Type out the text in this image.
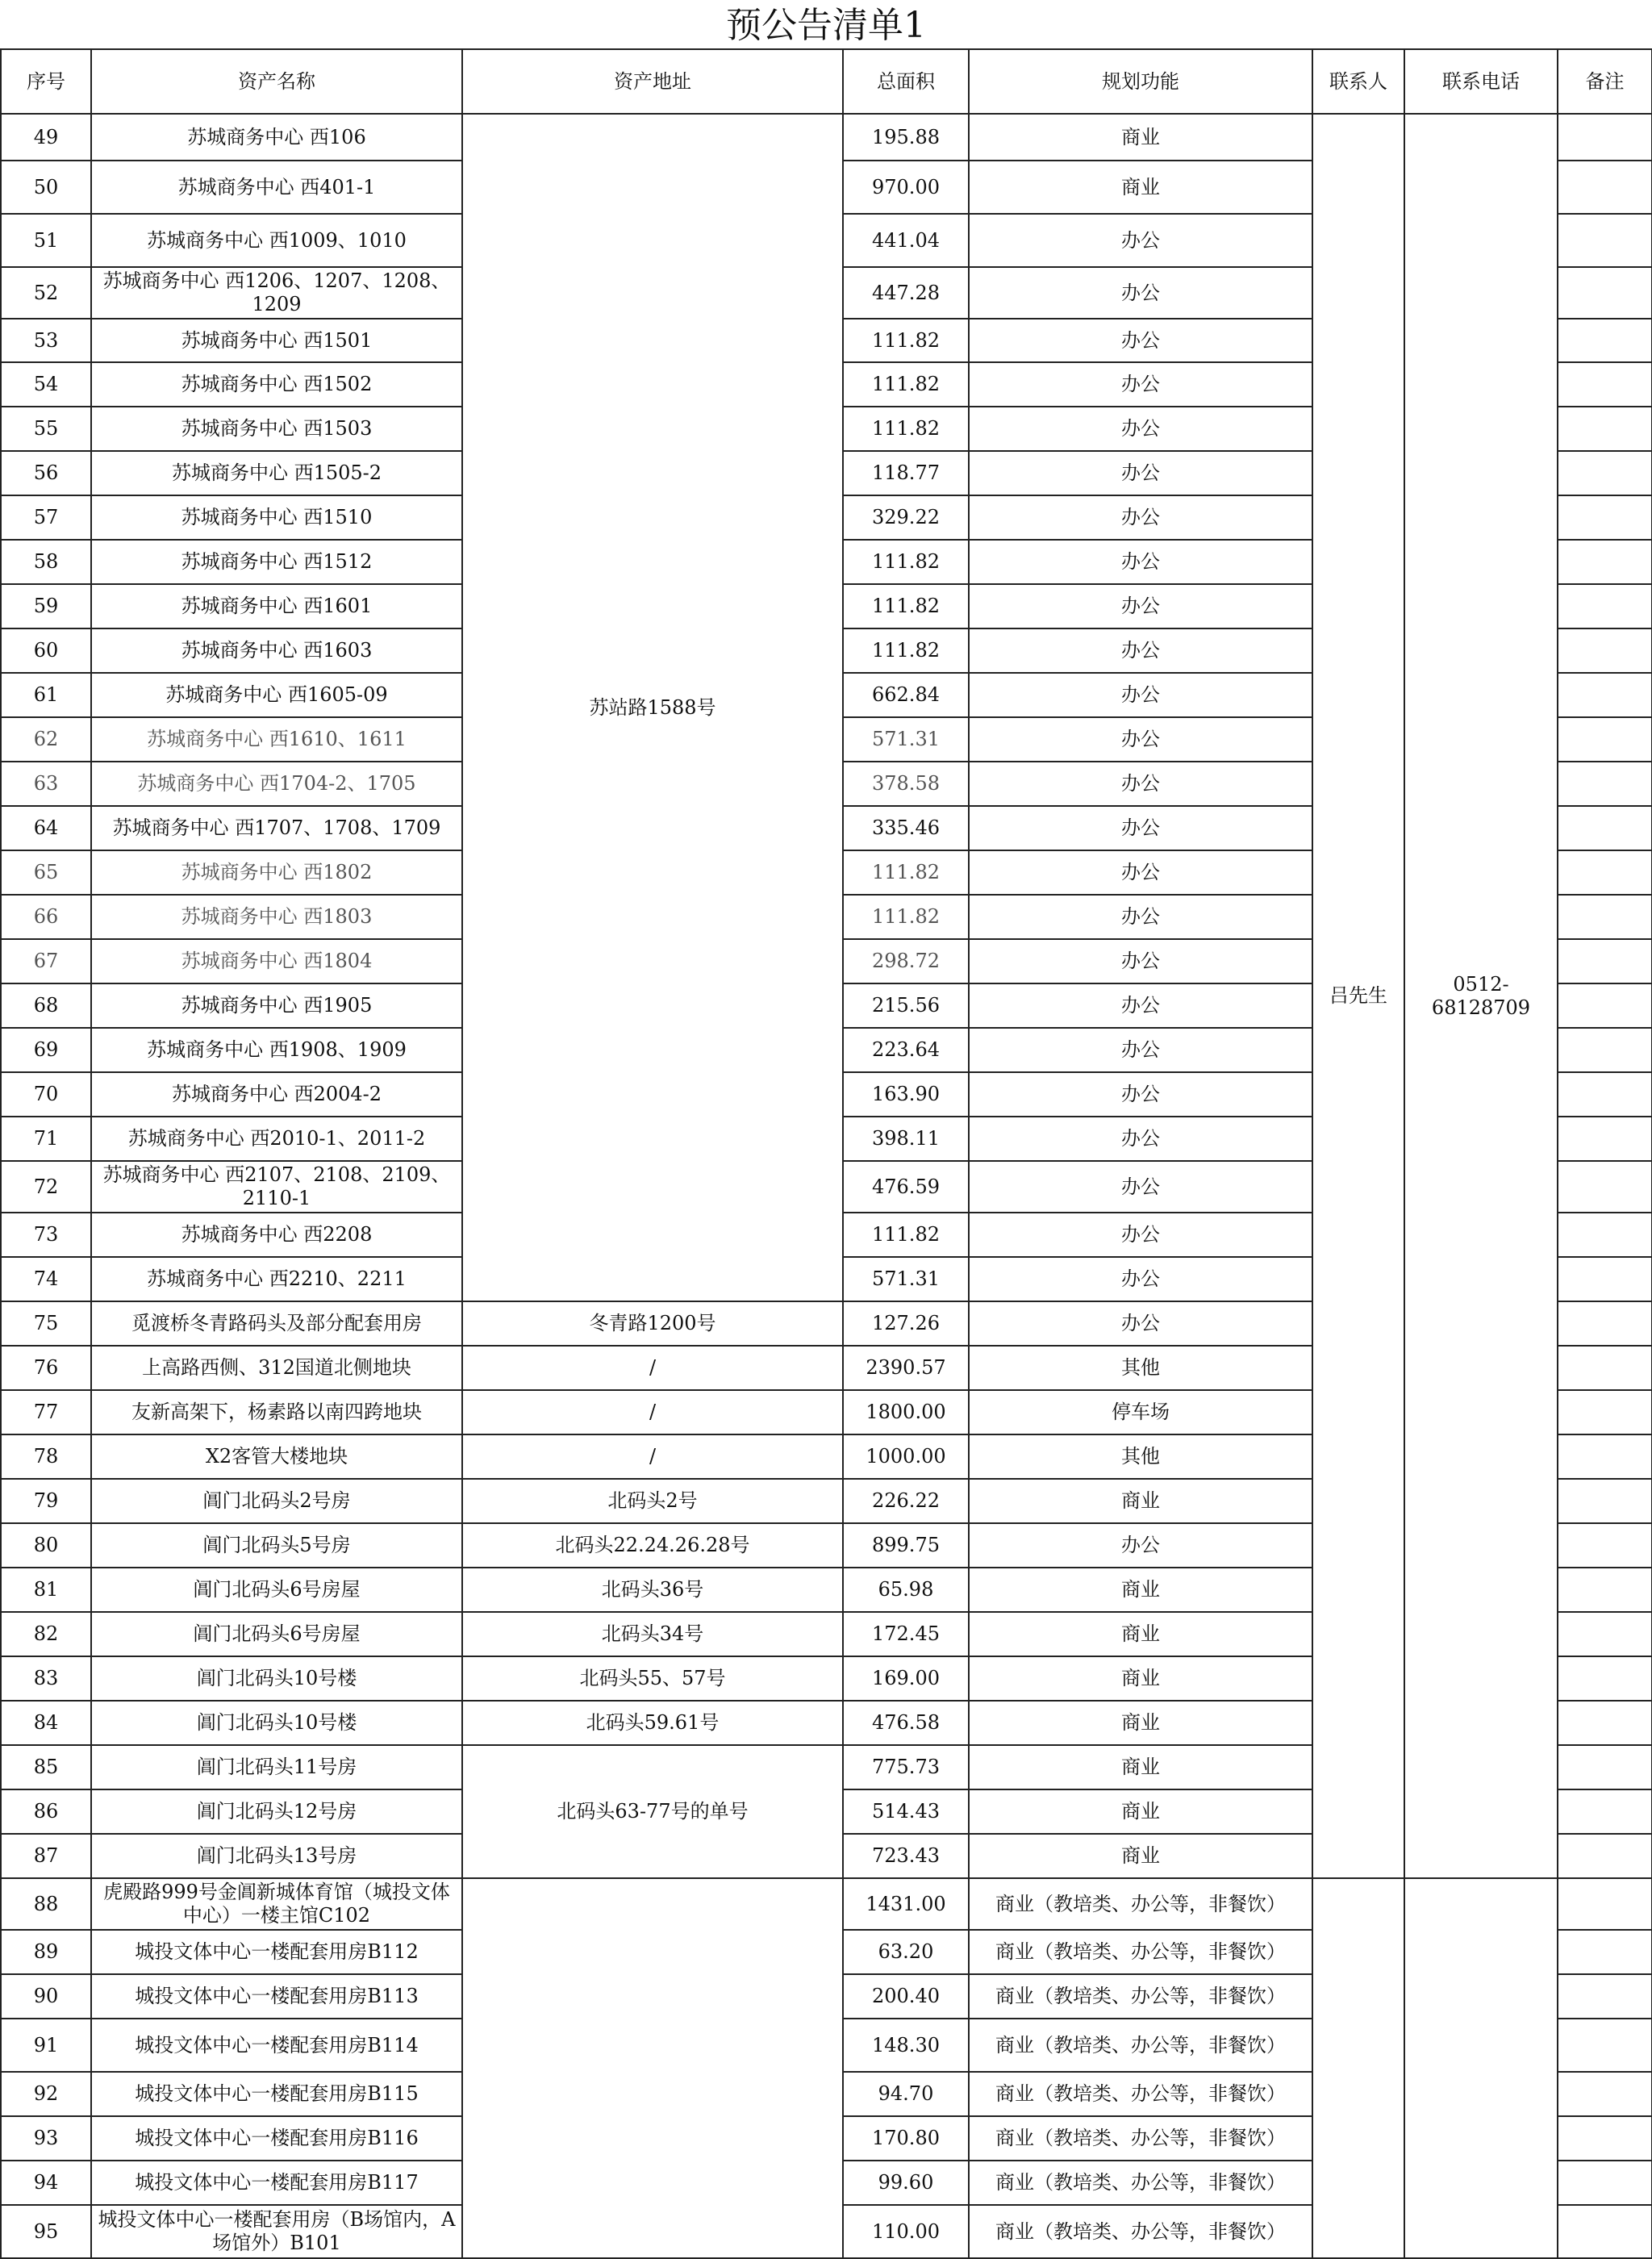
预公告清单1
序号	资产名称	资产地址	总面积	规划功能	联系人	联系电话	备注
49	苏城商务中心 西106	苏站路1588号	195.88	商业	吕先生	0512-68128709	
50	苏城商务中心 西401-1		970.00	商业			
51	苏城商务中心 西1009、1010		441.04	办公			
52	苏城商务中心 西1206、1207、1208、1209		447.28	办公			
53	苏城商务中心 西1501		111.82	办公			
54	苏城商务中心 西1502		111.82	办公			
55	苏城商务中心 西1503		111.82	办公			
56	苏城商务中心 西1505-2		118.77	办公			
57	苏城商务中心 西1510		329.22	办公			
58	苏城商务中心 西1512		111.82	办公			
59	苏城商务中心 西1601		111.82	办公			
60	苏城商务中心 西1603		111.82	办公			
61	苏城商务中心 西1605-09		662.84	办公			
62	苏城商务中心 西1610、1611		571.31	办公			
63	苏城商务中心 西1704-2、1705		378.58	办公			
64	苏城商务中心 西1707、1708、1709		335.46	办公			
65	苏城商务中心 西1802		111.82	办公			
66	苏城商务中心 西1803		111.82	办公			
67	苏城商务中心 西1804		298.72	办公			
68	苏城商务中心 西1905		215.56	办公			
69	苏城商务中心 西1908、1909		223.64	办公			
70	苏城商务中心 西2004-2		163.90	办公			
71	苏城商务中心 西2010-1、2011-2		398.11	办公			
72	苏城商务中心 西2107、2108、2109、2110-1		476.59	办公			
73	苏城商务中心 西2208		111.82	办公			
74	苏城商务中心 西2210、2211		571.31	办公			
75	觅渡桥冬青路码头及部分配套用房	冬青路1200号	127.26	办公			
76	上高路西侧、312国道北侧地块	/	2390.57	其他			
77	友新高架下，杨素路以南四跨地块	/	1800.00	停车场			
78	X2客管大楼地块	/	1000.00	其他			
79	阊门北码头2号房	北码头2号	226.22	商业			
80	阊门北码头5号房	北码头22.24.26.28号	899.75	办公			
81	阊门北码头6号房屋	北码头36号	65.98	商业			
82	阊门北码头6号房屋	北码头34号	172.45	商业			
83	阊门北码头10号楼	北码头55、57号	169.00	商业			
84	阊门北码头10号楼	北码头59.61号	476.58	商业			
85	阊门北码头11号房	北码头63-77号的单号	775.73	商业			
86	阊门北码头12号房		514.43	商业			
87	阊门北码头13号房		723.43	商业			
88	虎殿路999号金阊新城体育馆（城投文体中心）一楼主馆C102		1431.00	商业（教培类、办公等，非餐饮）			
89	城投文体中心一楼配套用房B112		63.20	商业（教培类、办公等，非餐饮）			
90	城投文体中心一楼配套用房B113		200.40	商业（教培类、办公等，非餐饮）			
91	城投文体中心一楼配套用房B114		148.30	商业（教培类、办公等，非餐饮）			
92	城投文体中心一楼配套用房B115		94.70	商业（教培类、办公等，非餐饮）			
93	城投文体中心一楼配套用房B116		170.80	商业（教培类、办公等，非餐饮）			
94	城投文体中心一楼配套用房B117		99.60	商业（教培类、办公等，非餐饮）			
95	城投文体中心一楼配套用房（B场馆内，A场馆外）B101		110.00	商业（教培类、办公等，非餐饮）			
